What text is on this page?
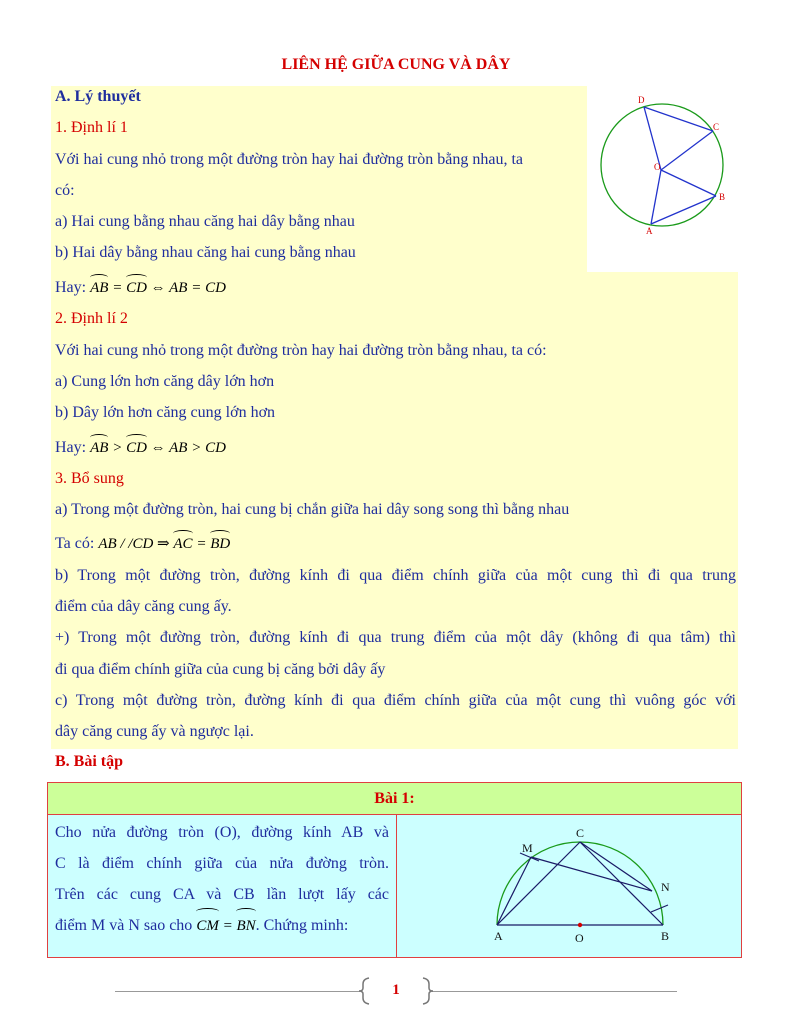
LIÊN HỆ GIỮA CUNG VÀ DÂY
A. Lý thuyết
1. Định lí 1
Với hai cung nhỏ trong một đường tròn hay hai đường tròn bằng nhau, ta
có:
a) Hai cung bằng nhau căng hai dây bằng nhau
b) Hai dây bằng nhau căng hai cung bằng nhau
Hay: AB = CD ⇔ AB = CD
2. Định lí 2
Với hai cung nhỏ trong một đường tròn hay hai đường tròn bằng nhau, ta có:
a) Cung lớn hơn căng dây lớn hơn
b) Dây lớn hơn căng cung lớn hơn
Hay: AB > CD ⇔ AB > CD
3. Bổ sung
a) Trong một đường tròn, hai cung bị chắn giữa hai dây song song thì bằng nhau
Ta có: AB / /CD ⇒ AC = BD
b) Trong một đường tròn, đường kính đi qua điểm chính giữa của một cung thì đi qua trung
điểm của dây căng cung ấy.
+) Trong một đường tròn, đường kính đi qua trung điểm của một dây (không đi qua tâm) thì
đi qua điểm chính giữa của cung bị căng bởi dây ấy
c) Trong một đường tròn, đường kính đi qua điểm chính giữa của một cung thì vuông góc với
dây căng cung ấy và ngược lại.
D
C
O
B
A
B. Bài tập
Bài 1:
Cho nửa đường tròn (O), đường kính AB và
C là điểm chính giữa của nửa đường tròn.
Trên các cung CA và CB lần lượt lấy các
điểm M và N sao cho CM = BN. Chứng minh:
C
M
N
A	O	B
1
